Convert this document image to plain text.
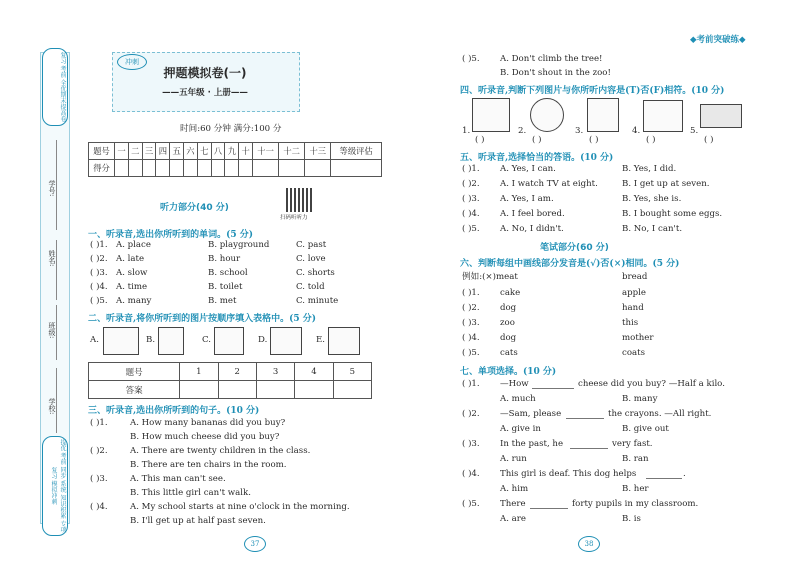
复习 考前 全优期末提高卷
提优 考前 同步 系统 知识积累 专项复习 模拟冲刺
学号:
姓名:
班级:
学校:
冲刺
押题模拟卷(一)
——五年级 · 上册——
◆考前突破练◆
时间:60 分钟 满分:100 分
题号	一	二	三	四	五	六	七	八	九	十	十一	十二	十三	等级评估
得分														
扫码听听力
听力部分(40 分)
一、听录音,选出你所听到的单词。(5 分)
( )1. A. place	B. playground	C. past
( )2. A. late	B. hour	C. love
( )3. A. slow	B. school	C. shorts
( )4. A. time	B. toilet	C. told
( )5. A. many	B. met	C. minute
二、听录音,将你所听到的图片按顺序填入表格中。(5 分)
A.	B.	C.	D.	E.
题号	1	2	3	4	5
答案					
三、听录音,选出你所听到的句子。(10 分)
( )1.	A. How many bananas did you buy?
B. How much cheese did you buy?
( )2.	A. There are twenty children in the class.
B. There are ten chairs in the room.
( )3.	A. This man can't see.
B. This little girl can't walk.
( )4.	A. My school starts at nine o'clock in the morning.
B. I'll get up at half past seven.
( )5. A. Don't climb the tree!
B. Don't shout in the zoo!
四、听录音,判断下列图片与你所听内容是(T)否(F)相符。(10 分)
1.
( )
2.
( )
3.
( )
4.
( )
5.
( )
五、听录音,选择恰当的答语。(10 分)
( )1. A. Yes, I can.	B. Yes, I did.
( )2. A. I watch TV at eight.	B. I get up at seven.
( )3. A. Yes, I am.	B. Yes, she is.
( )4. A. I feel bored.	B. I bought some eggs.
( )5. A. No, I didn't.	B. No, I can't.
笔试部分(60 分)
六、判断每组中画线部分发音是(√)否(×)相同。(5 分)
例如:(×)meat	bread
( )1. cake	apple
( )2. dog	hand
( )3. zoo	this
( )4. dog	mother
( )5. cats	coats
七、单项选择。(10 分)
( )1. —How	cheese did you buy? —Half a kilo.
A. much	B. many
( )2. —Sam, please	the crayons. —All right.
A. give in	B. give out
( )3. In the past, he	very fast.
A. run	B. ran
( )4. This girl is deaf. This dog helps	.
A. him	B. her
( )5. There	forty pupils in my classroom.
A. are	B. is
37	38
